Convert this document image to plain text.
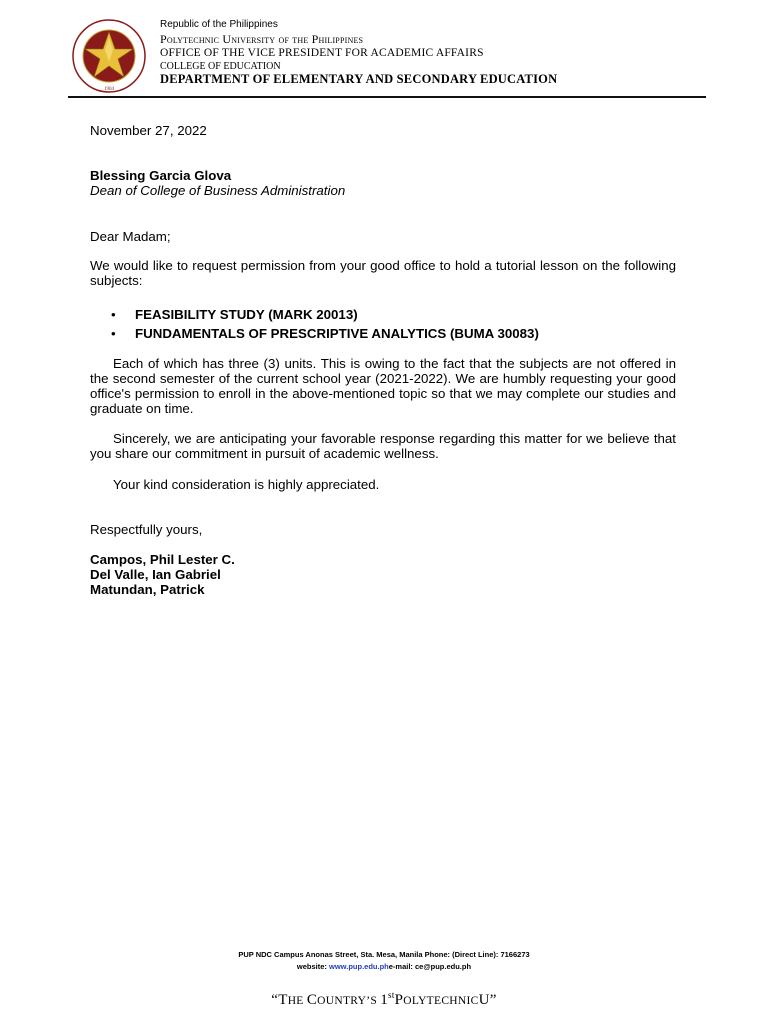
1904
Republic of the Philippines
Polytechnic University of the Philippines
OFFICE OF THE VICE PRESIDENT FOR ACADEMIC AFFAIRS
COLLEGE OF EDUCATION
DEPARTMENT OF ELEMENTARY AND SECONDARY EDUCATION
November 27, 2022
Blessing Garcia Glova
Dean of College of Business Administration
Dear Madam;
We would like to request permission from your good office to hold a tutorial lesson on the following subjects:
• FEASIBILITY STUDY (MARK 20013)
• FUNDAMENTALS OF PRESCRIPTIVE ANALYTICS (BUMA 30083)
Each of which has three (3) units. This is owing to the fact that the subjects are not offered in the second semester of the current school year (2021-2022). We are humbly requesting your good office's permission to enroll in the above-mentioned topic so that we may complete our studies and graduate on time.
Sincerely, we are anticipating your favorable response regarding this matter for we believe that you share our commitment in pursuit of academic wellness.
Your kind consideration is highly appreciated.
Respectfully yours,
Campos, Phil Lester C.
Del Valle, Ian Gabriel
Matundan, Patrick
PUP NDC Campus Anonas Street, Sta. Mesa, Manila Phone: (Direct Line): 7166273
website: www.pup.edu.phe-mail: ce@pup.edu.ph
“THE COUNTRY’S 1stPOLYTECHNICU”
